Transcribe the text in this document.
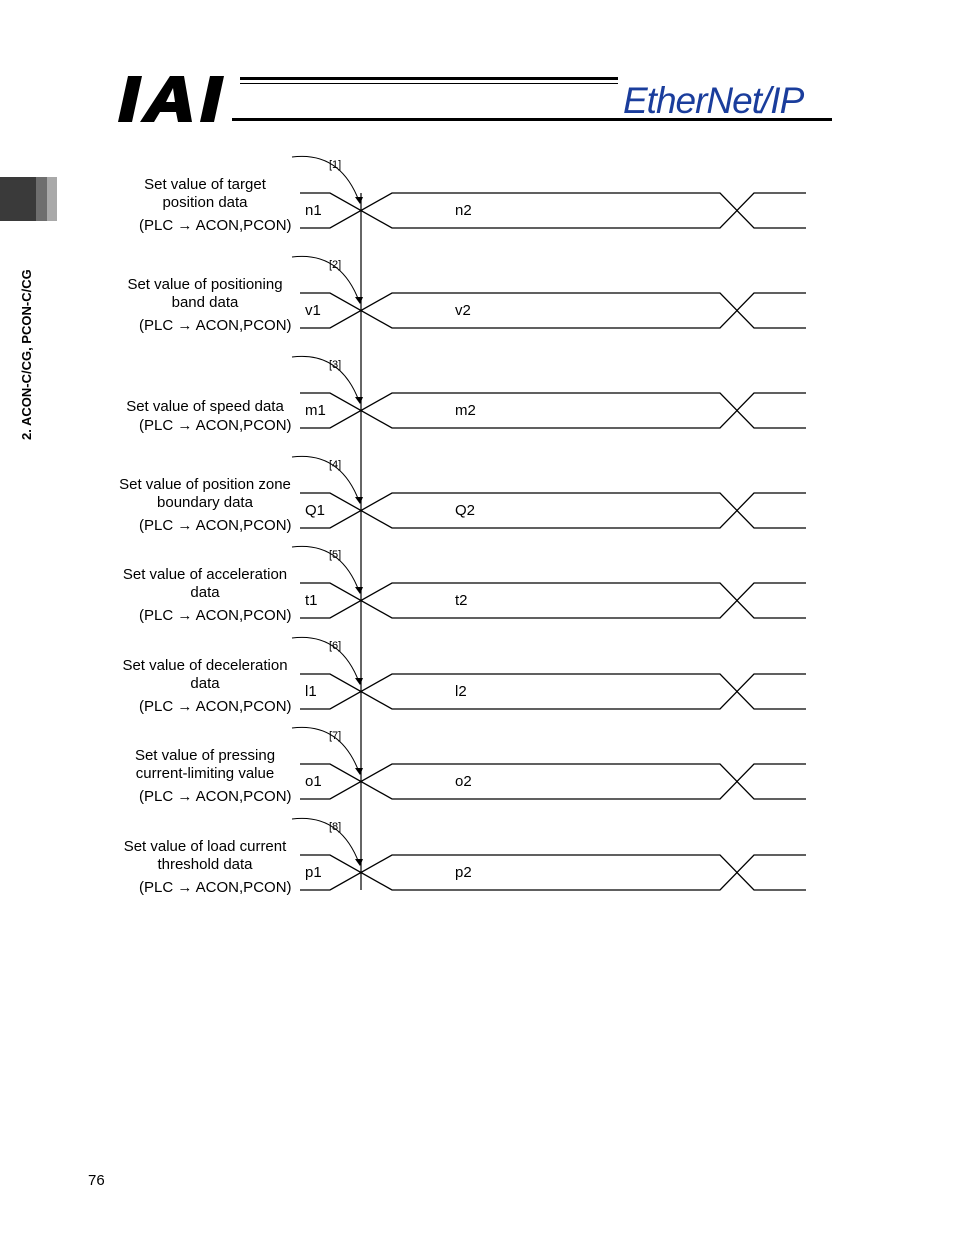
EtherNet/IP
2. ACON-C/CG, PCON-C/CG
[1]
n1	n2
Set value of target
position data
(PLC → ACON,PCON)
[2]
v1	v2
Set value of positioning
band data
(PLC → ACON,PCON)
[3]
m1	m2
Set value of speed data
(PLC → ACON,PCON)
[4]
Q1	Q2
Set value of position zone
boundary data
(PLC → ACON,PCON)
[5]
t1	t2
Set value of acceleration
data
(PLC → ACON,PCON)
[6]
l1	l2
Set value of deceleration
data
(PLC → ACON,PCON)
[7]
o1	o2
Set value of pressing
current-limiting value
(PLC → ACON,PCON)
[8]
p1	p2
Set value of load current
threshold data
(PLC → ACON,PCON)
76
